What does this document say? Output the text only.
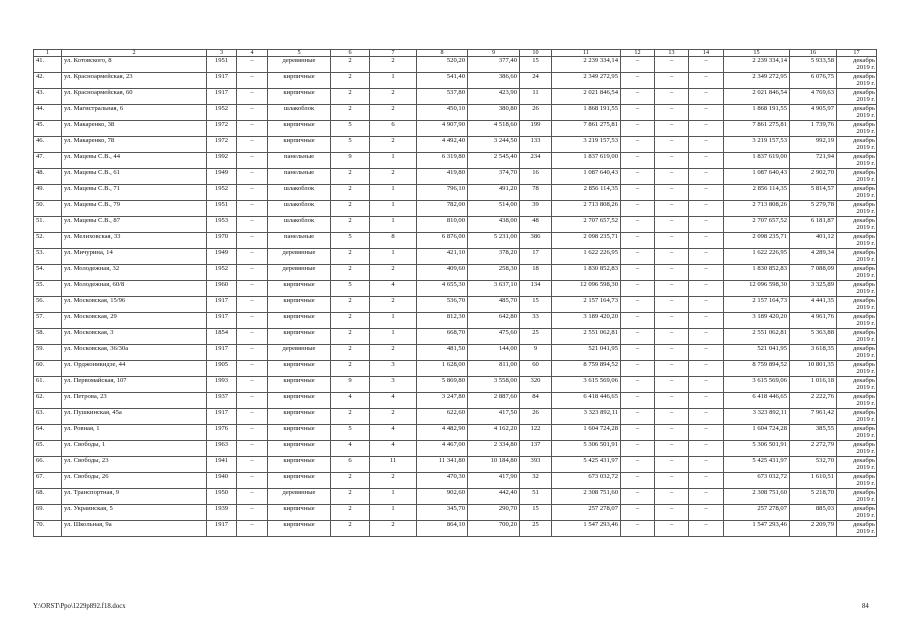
1	2	3	4	5	6	7	8	9	10	11	12	13	14	15	16	17
41.	ул. Котовского, 8	1951	–	деревянные	2	2	520,20	377,40	15	2 239 334,14	–	–	–	2 239 334,14	5 933,58	декабрь 2019 г.
42.	ул. Красноармейская, 23	1917	–	кирпичные	2	1	541,40	386,60	24	2 349 272,95	–	–	–	2 349 272,95	6 076,75	декабрь 2019 г.
43.	ул. Красноармейская, 60	1917	–	кирпичные	2	2	537,80	423,90	11	2 021 846,54	–	–	–	2 021 846,54	4 769,63	декабрь 2019 г.
44.	ул. Магистральная, 6	1952	–	шлакоблок	2	2	450,10	380,80	26	1 868 191,55	–	–	–	1 868 191,55	4 905,97	декабрь 2019 г.
45.	ул. Макаренко, 38	1972	–	кирпичные	5	6	4 907,90	4 518,60	199	7 861 275,81	–	–	–	7 861 275,81	1 739,76	декабрь 2019 г.
46.	ул. Макаренко, 78	1972	–	кирпичные	5	2	4 492,40	3 244,50	133	3 219 157,53	–	–	–	3 219 157,53	992,19	декабрь 2019 г.
47.	ул. Мацевы С.В., 44	1992	–	панельные	9	1	6 319,80	2 545,40	234	1 837 619,00	–	–	–	1 837 619,00	721,94	декабрь 2019 г.
48.	ул. Мацевы С.В., 61	1949	–	панельные	2	2	419,80	374,70	16	1 087 640,43	–	–	–	1 087 640,43	2 902,70	декабрь 2019 г.
49.	ул. Мацевы С.В., 71	1952	–	шлакоблок	2	1	796,10	491,20	78	2 856 114,35	–	–	–	2 856 114,35	5 814,57	декабрь 2019 г.
50.	ул. Мацевы С.В., 79	1951	–	шлакоблок	2	1	782,00	514,00	39	2 713 808,26	–	–	–	2 713 808,26	5 279,78	декабрь 2019 г.
51.	ул. Мацевы С.В., 87	1953	–	шлакоблок	2	1	810,00	438,00	48	2 707 657,52	–	–	–	2 707 657,52	6 181,87	декабрь 2019 г.
52.	ул. Мелиховская, 33	1970	–	панельные	5	8	6 876,00	5 231,00	386	2 098 235,71	–	–	–	2 098 235,71	401,12	декабрь 2019 г.
53.	ул. Мичурина, 14	1949	–	деревянные	2	1	421,10	378,20	17	1 622 226,95	–	–	–	1 622 226,95	4 289,34	декабрь 2019 г.
54.	ул. Молодежная, 32	1952	–	деревянные	2	2	409,60	258,30	18	1 830 852,83	–	–	–	1 830 852,83	7 088,09	декабрь 2019 г.
55.	ул. Молодежная, 60/8	1960	–	кирпичные	5	4	4 655,30	3 637,10	134	12 096 598,30	–	–	–	12 096 598,30	3 325,89	декабрь 2019 г.
56.	ул. Московская, 15/96	1917	–	кирпичные	2	2	536,70	485,70	15	2 157 164,73	–	–	–	2 157 164,73	4 441,35	декабрь 2019 г.
57.	ул. Московская, 29	1917	–	кирпичные	2	1	812,30	642,80	33	3 189 420,20	–	–	–	3 189 420,20	4 961,76	декабрь 2019 г.
58.	ул. Московская, 3	1854	–	кирпичные	2	1	668,70	475,60	25	2 551 062,81	–	–	–	2 551 062,81	5 363,88	декабрь 2019 г.
59.	ул. Московская, 36/30а	1917	–	деревянные	2	2	481,50	144,00	9	521 041,95	–	–	–	521 041,95	3 618,35	декабрь 2019 г.
60.	ул. Орджоникидзе, 44	1905	–	кирпичные	2	3	1 628,00	811,00	60	8 759 894,52	–	–	–	8 759 894,52	10 801,35	декабрь 2019 г.
61.	ул. Первомайская, 107	1993	–	кирпичные	9	3	5 869,80	3 558,00	320	3 615 569,06	–	–	–	3 615 569,06	1 016,18	декабрь 2019 г.
62.	ул. Петрова, 23	1937	–	кирпичные	4	4	3 247,80	2 887,60	84	6 418 446,65	–	–	–	6 418 446,65	2 222,76	декабрь 2019 г.
63.	ул. Пушкинская, 45а	1917	–	кирпичные	2	2	622,60	417,50	26	3 323 892,11	–	–	–	3 323 892,11	7 961,42	декабрь 2019 г.
64.	ул. Ровная, 1	1976	–	кирпичные	5	4	4 482,90	4 162,20	122	1 604 724,28	–	–	–	1 604 724,28	385,55	декабрь 2019 г.
65.	ул. Свободы, 1	1963	–	кирпичные	4	4	4 467,00	2 334,80	137	5 306 501,91	–	–	–	5 306 501,91	2 272,79	декабрь 2019 г.
66.	ул. Свободы, 23	1941	–	кирпичные	6	11	11 341,80	10 184,80	393	5 425 431,97	–	–	–	5 425 431,97	532,70	декабрь 2019 г.
67.	ул. Свободы, 26	1940	–	кирпичные	2	2	470,30	417,90	32	673 032,72	–	–	–	673 032,72	1 610,51	декабрь 2019 г.
68.	ул. Транспортная, 9	1950	–	деревянные	2	1	902,60	442,40	51	2 308 751,60	–	–	–	2 308 751,60	5 218,70	декабрь 2019 г.
69.	ул. Украинская, 5	1939	–	кирпичные	2	1	345,70	290,70	15	257 278,07	–	–	–	257 278,07	885,03	декабрь 2019 г.
70.	ул. Школьная, 9а	1917	–	кирпичные	2	2	864,10	700,20	25	1 547 293,46	–	–	–	1 547 293,46	2 209,79	декабрь 2019 г.
Y:\ORST\Ppo\1229p892.f18.docx	84
